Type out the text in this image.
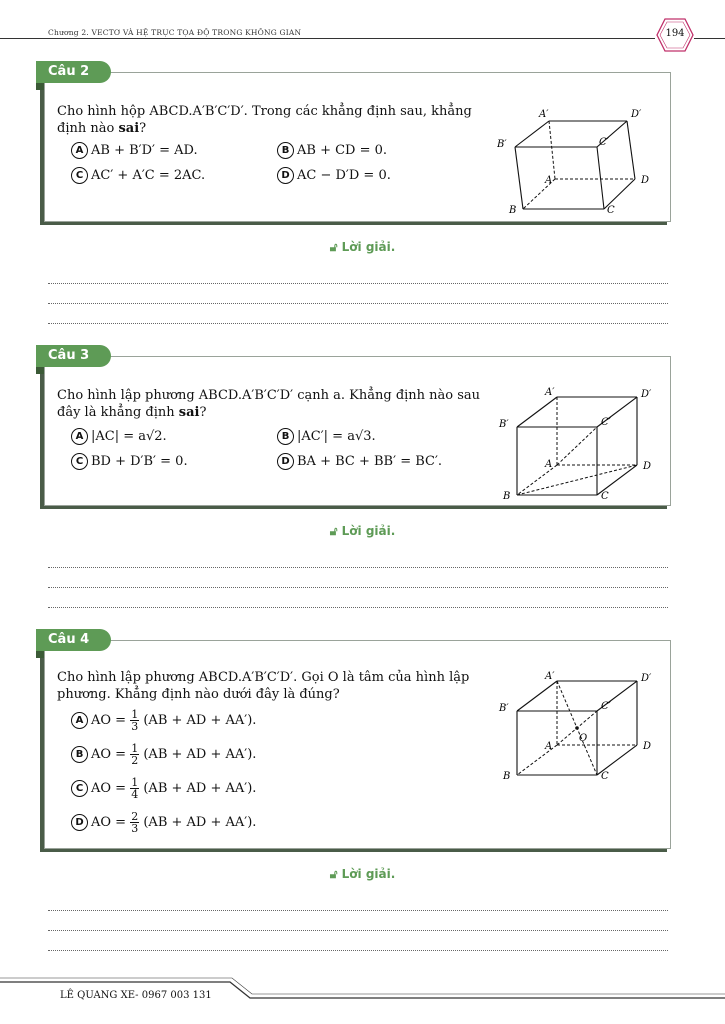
Chương 2. VECTƠ VÀ HỆ TRỤC TỌA ĐỘ TRONG KHÔNG GIAN	194
Cho hình hộp ABCD.A′B′C′D′. Trong các khẳng định sau, khẳng
định nào sai?
A AB + B′D′ = AD.	B AB + CD = 0.
C AC′ + A′C = 2AC.	D AC − D′D = 0.
A′	D′
B′	C′
A	D
B	C
Câu 2
🔓︎ Lời giải.
Cho hình lập phương ABCD.A′B′C′D′ cạnh a. Khẳng định nào sau
đây là khẳng định sai?
A |AC| = a√2.	B |AC′| = a√3.
C BD + D′B′ = 0.	D BA + BC + BB′ = BC′.
A′	D′
B′	C′
A	D
B	C
Câu 3
🔓︎ Lời giải.
Cho hình lập phương ABCD.A′B′C′D′. Gọi O là tâm của hình lập
phương. Khẳng định nào dưới đây là đúng?
A AO = $\frac{1}{3} (AB$ + AD + AA′).
B AO = $\frac{1}{2} (AB$ + AD + AA′).
C AO = $\frac{1}{4} (AB$ + AD + AA′).
D AO = $\frac{2}{3} (AB$ + AD + AA′).
A′	D′
B′	C′
A
O
D
B	C
Câu 4
🔓︎ Lời giải.
LÊ QUANG XE- 0967 003 131
